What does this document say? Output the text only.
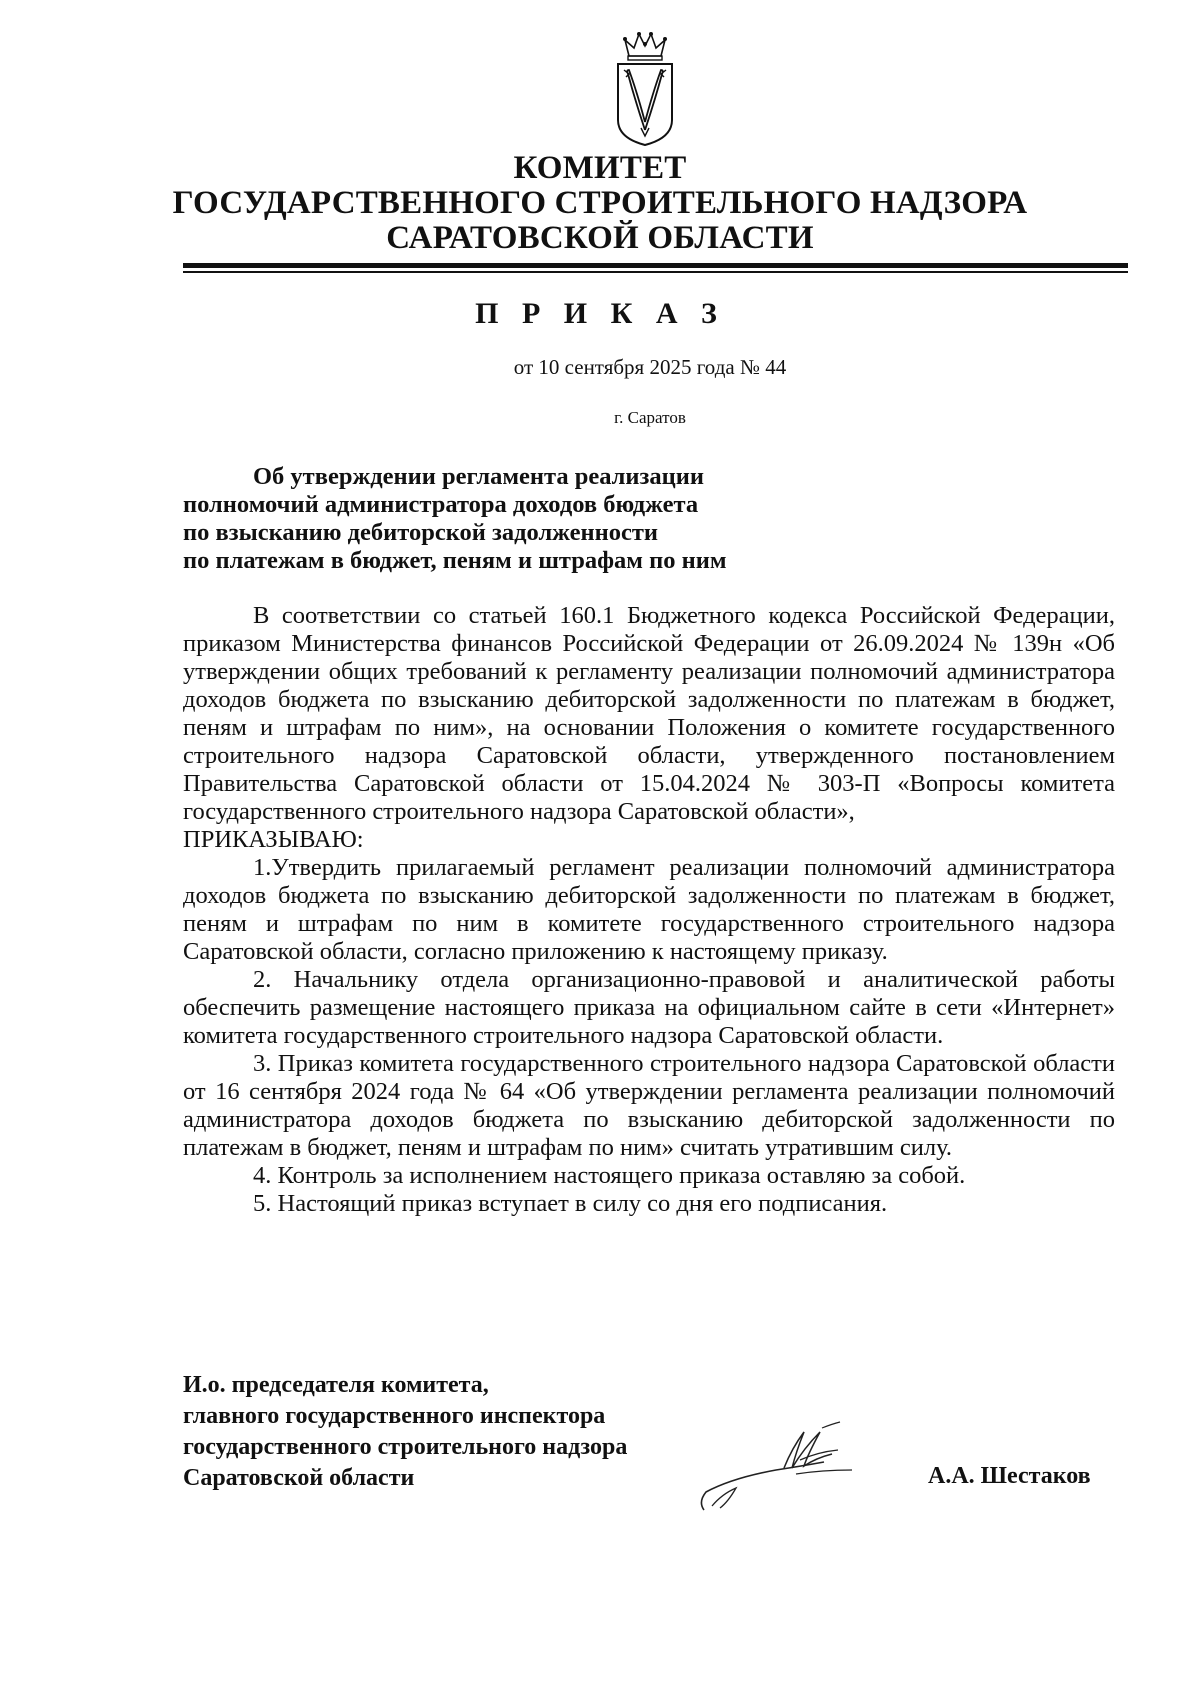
КОМИТЕТ
ГОСУДАРСТВЕННОГО СТРОИТЕЛЬНОГО НАДЗОРА
САРАТОВСКОЙ ОБЛАСТИ
П Р И К А З
от 10 сентября 2025 года № 44
г. Саратов
Об утверждении регламента реализации
полномочий администратора доходов бюджета
по взысканию дебиторской задолженности
по платежам в бюджет, пеням и штрафам по ним

В соответствии со статьей 160.1 Бюджетного кодекса Российской Федерации, приказом Министерства финансов Российской Федерации от 26.09.2024 № 139н «Об утверждении общих требований к регламенту реализации полномочий администратора доходов бюджета по взысканию дебиторской задолженности по платежам в бюджет, пеням и штрафам по ним», на основании Положения о комитете государственного строительного надзора Саратовской области, утвержденного постановлением Правительства Саратовской области от 15.04.2024 № 303-П «Вопросы комитета государственного строительного надзора Саратовской области»,

ПРИКАЗЫВАЮ:

1.Утвердить прилагаемый регламент реализации полномочий администратора доходов бюджета по взысканию дебиторской задолженности по платежам в бюджет, пеням и штрафам по ним в комитете государственного строительного надзора Саратовской области, согласно приложению к настоящему приказу.

2. Начальнику отдела организационно-правовой и аналитической работы обеспечить размещение настоящего приказа на официальном сайте в сети «Интернет» комитета государственного строительного надзора Саратовской области.

3. Приказ комитета государственного строительного надзора Саратовской области от 16 сентября 2024 года № 64 «Об утверждении регламента реализации полномочий администратора доходов бюджета по взысканию дебиторской задолженности по платежам в бюджет, пеням и штрафам по ним» считать утратившим силу.

4. Контроль за исполнением настоящего приказа оставляю за собой.

5. Настоящий приказ вступает в силу со дня его подписания.

И.о. председателя комитета,
главного государственного инспектора
государственного строительного надзора
Саратовской области	А.А. Шестаков
